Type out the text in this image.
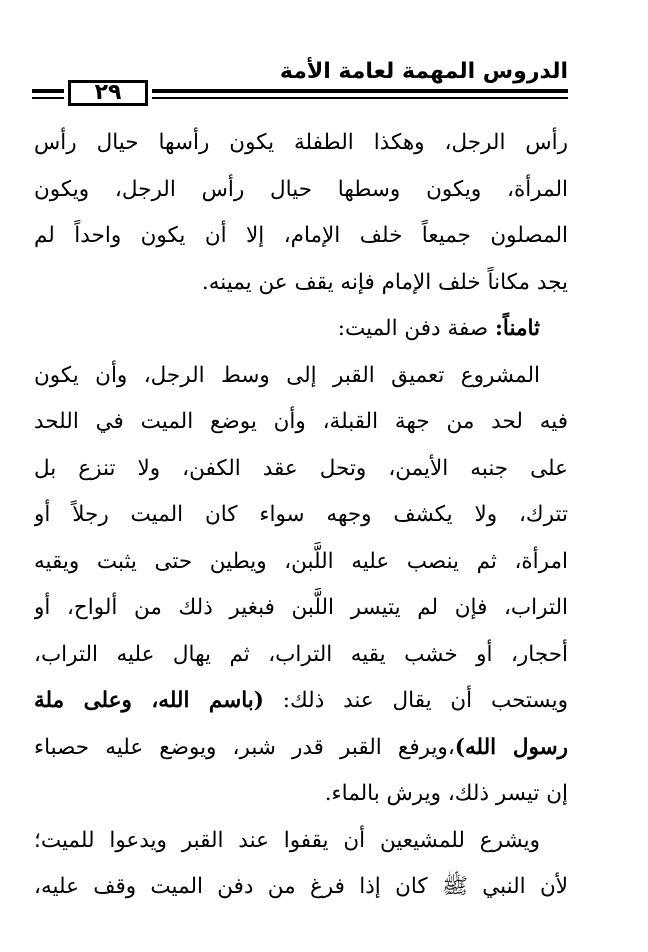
الدروس المهمة لعامة الأمة
٢٩
رأس الرجل، وهكذا الطفلة يكون رأسها حيال رأس
المرأة، ويكون وسطها حيال رأس الرجل، ويكون
المصلون جميعاً خلف الإمام، إلا أن يكون واحداً لم
يجد مكاناً خلف الإمام فإنه يقف عن يمينه.
ثامناً: صفة دفن الميت:
المشروع تعميق القبر إلى وسط الرجل، وأن يكون
فيه لحد من جهة القبلة، وأن يوضع الميت في اللحد
على جنبه الأيمن، وتحل عقد الكفن، ولا تنزع بل
تترك، ولا يكشف وجهه سواء كان الميت رجلاً أو
امرأة، ثم ينصب عليه اللَّبن، ويطين حتى يثبت ويقيه
التراب، فإن لم يتيسر اللَّبن فبغير ذلك من ألواح، أو
أحجار، أو خشب يقيه التراب، ثم يهال عليه التراب،
ويستحب أن يقال عند ذلك: (باسم الله، وعلى ملة
رسول الله)،ويرفع القبر قدر شبر، ويوضع عليه حصباء
إن تيسر ذلك، ويرش بالماء.
ويشرع للمشيعين أن يقفوا عند القبر ويدعوا للميت؛
لأن النبي ﷺ كان إذا فرغ من دفن الميت وقف عليه،
